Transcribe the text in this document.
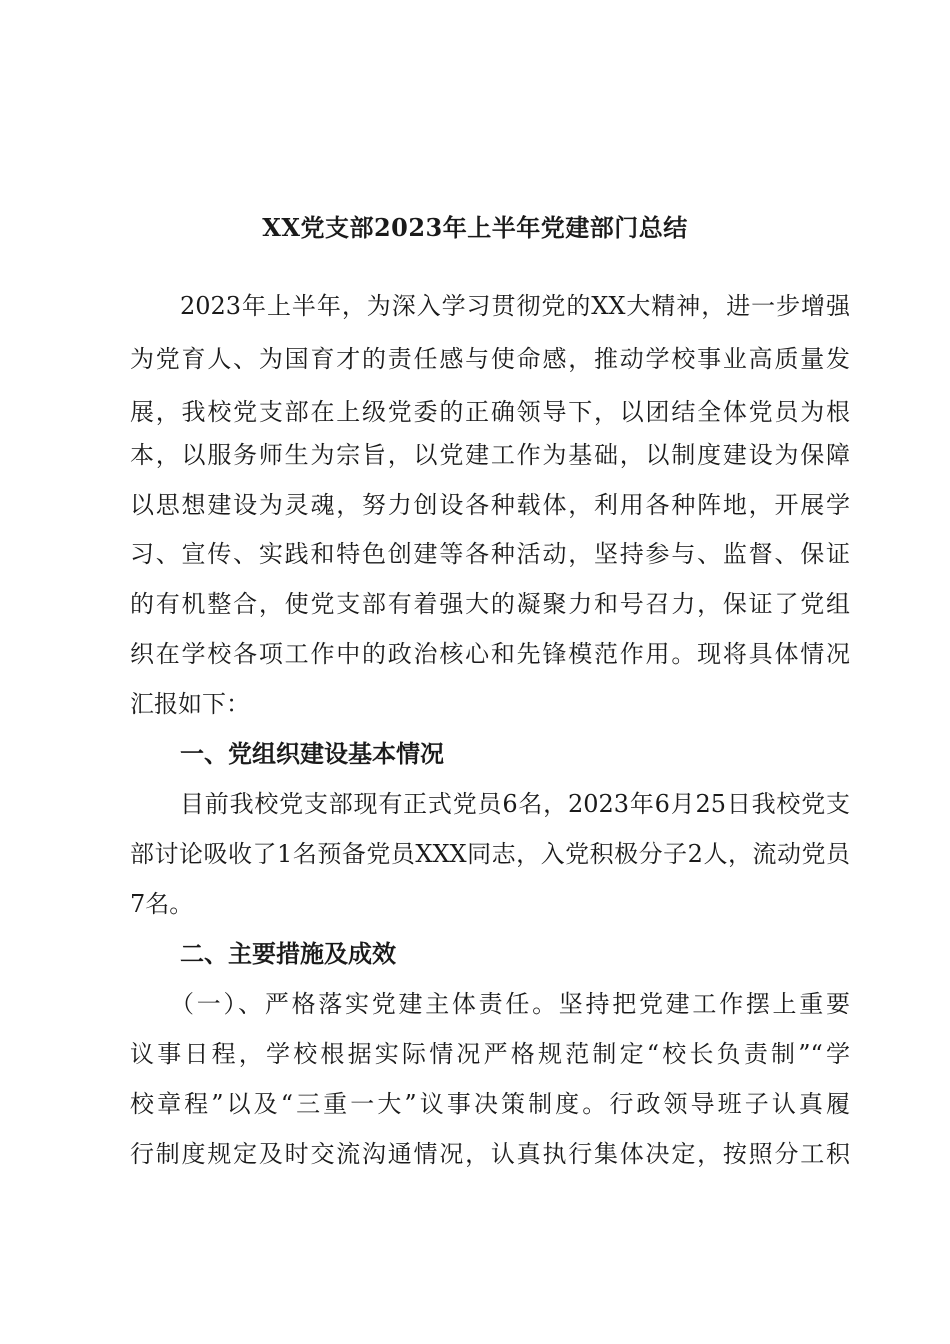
XX党支部2023年上半年党建部门总结
2023年上半年，为深入学习贯彻党的XX大精神，进一步增强
为党育人、为国育才的责任感与使命感，推动学校事业高质量发
展，我校党支部在上级党委的正确领导下，以团结全体党员为根
本，以服务师生为宗旨，以党建工作为基础，以制度建设为保障
以思想建设为灵魂，努力创设各种载体，利用各种阵地，开展学
习、宣传、实践和特色创建等各种活动，坚持参与、监督、保证
的有机整合，使党支部有着强大的凝聚力和号召力，保证了党组
织在学校各项工作中的政治核心和先锋模范作用。现将具体情况
汇报如下：
一、党组织建设基本情况
目前我校党支部现有正式党员6名，2023年6月25日我校党支
部讨论吸收了1名预备党员XXX同志，入党积极分子2人，流动党员
7名。
二、主要措施及成效
（一）、严格落实党建主体责任。坚持把党建工作摆上重要
议事日程，学校根据实际情况严格规范制定“校长负责制”“学
校章程”以及“三重一大”议事决策制度。行政领导班子认真履
行制度规定及时交流沟通情况，认真执行集体决定，按照分工积
